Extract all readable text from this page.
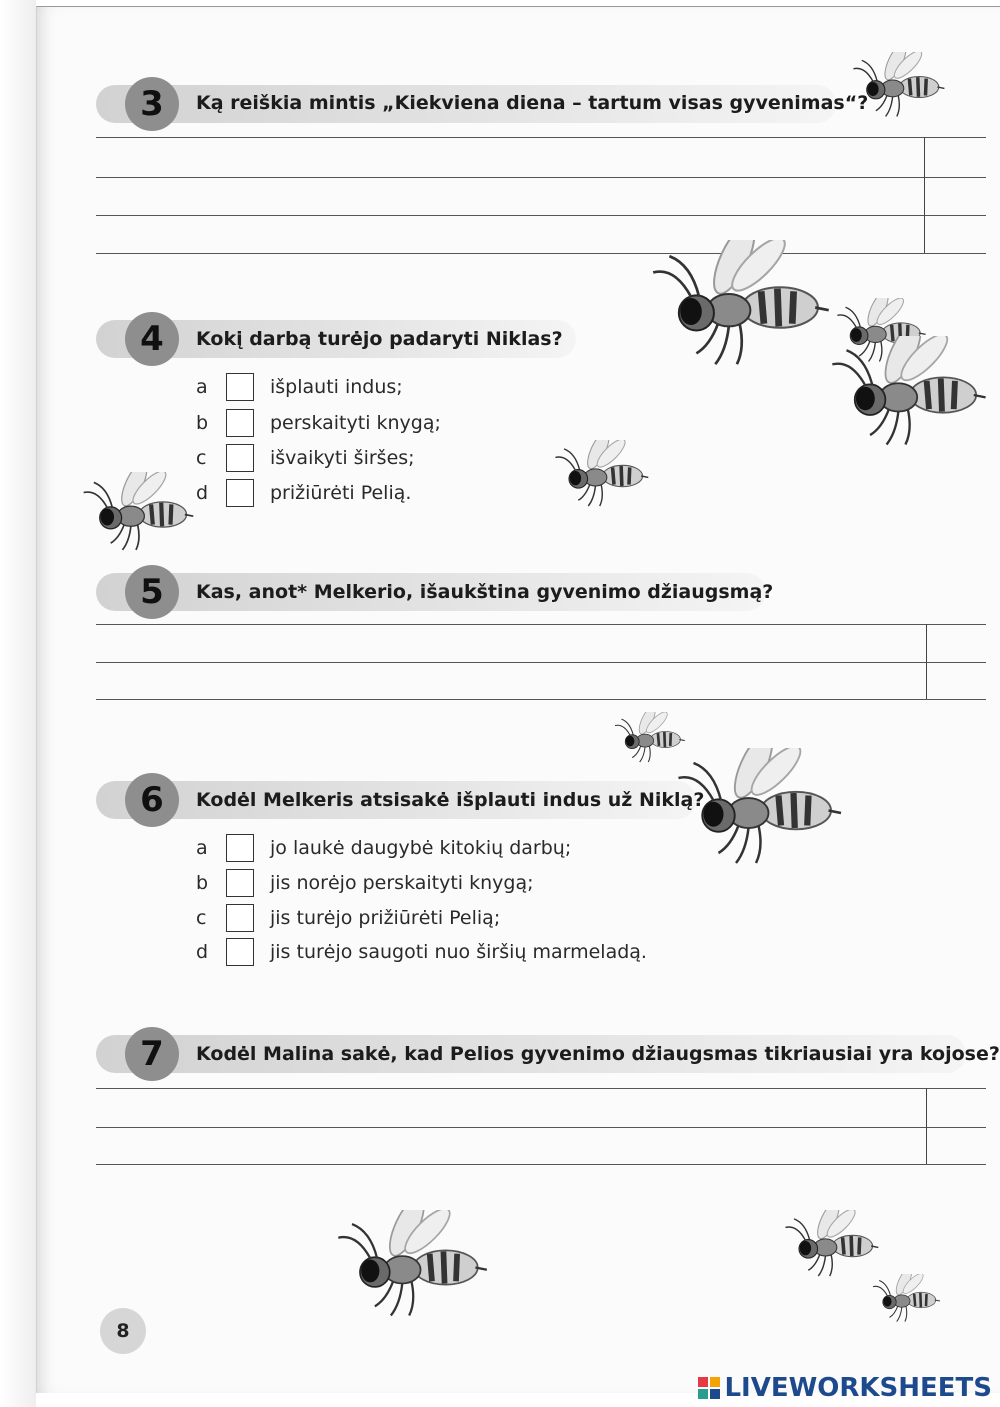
3	Ką reiškia mintis „Kiekviena diena – tartum visas gyvenimas“?
4	Kokį darbą turėjo padaryti Niklas?
a	išplauti indus;
b	perskaityti knygą;
c	išvaikyti širšes;
d	prižiūrėti Pelią.
5	Kas, anot* Melkerio, išaukština gyvenimo džiaugsmą?
6	Kodėl Melkeris atsisakė išplauti indus už Niklą?
a	jo laukė daugybė kitokių darbų;
b	jis norėjo perskaityti knygą;
c	jis turėjo prižiūrėti Pelią;
d	jis turėjo saugoti nuo širšių marmeladą.
7	Kodėl Malina sakė, kad Pelios gyvenimo džiaugsmas tikriausiai yra kojose?
8
LIVEWORKSHEETS
